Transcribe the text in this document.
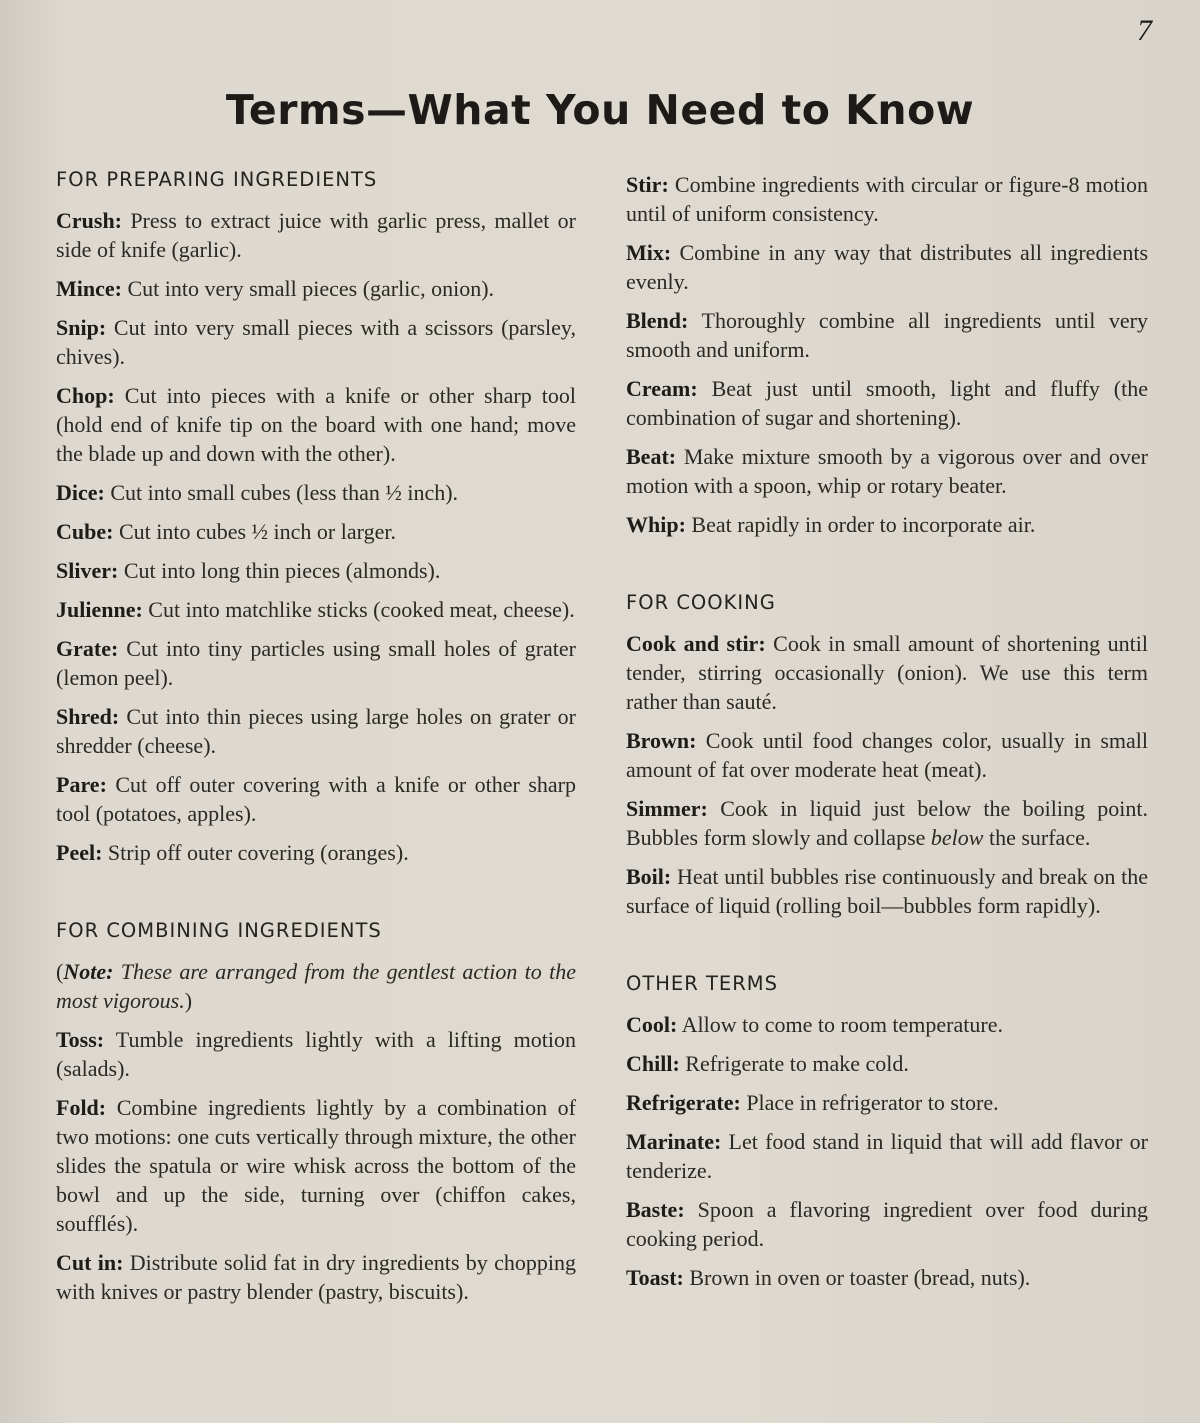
7
Terms—What You Need to Know
FOR PREPARING INGREDIENTS

Crush: Press to extract juice with garlic press, mallet or side of knife (garlic).

Mince: Cut into very small pieces (garlic, onion).

Snip: Cut into very small pieces with a scissors (parsley, chives).

Chop: Cut into pieces with a knife or other sharp tool (hold end of knife tip on the board with one hand; move the blade up and down with the other).

Dice: Cut into small cubes (less than ½ inch).

Cube: Cut into cubes ½ inch or larger.

Sliver: Cut into long thin pieces (almonds).

Julienne: Cut into matchlike sticks (cooked meat, cheese).

Grate: Cut into tiny particles using small holes of grater (lemon peel).

Shred: Cut into thin pieces using large holes on grater or shredder (cheese).

Pare: Cut off outer covering with a knife or other sharp tool (potatoes, apples).

Peel: Strip off outer covering (oranges).

FOR COMBINING INGREDIENTS

(Note: These are arranged from the gentlest action to the most vigorous.)

Toss: Tumble ingredients lightly with a lifting motion (salads).

Fold: Combine ingredients lightly by a combination of two motions: one cuts vertically through mixture, the other slides the spatula or wire whisk across the bottom of the bowl and up the side, turning over (chiffon cakes, soufflés).

Cut in: Distribute solid fat in dry ingredients by chopping with knives or pastry blender (pastry, biscuits).

Stir: Combine ingredients with circular or figure-8 motion until of uniform consistency.

Mix: Combine in any way that distributes all ingredients evenly.

Blend: Thoroughly combine all ingredients until very smooth and uniform.

Cream: Beat just until smooth, light and fluffy (the combination of sugar and shortening).

Beat: Make mixture smooth by a vigorous over and over motion with a spoon, whip or rotary beater.

Whip: Beat rapidly in order to incorporate air.

FOR COOKING

Cook and stir: Cook in small amount of shortening until tender, stirring occasionally (onion). We use this term rather than sauté.

Brown: Cook until food changes color, usually in small amount of fat over moderate heat (meat).

Simmer: Cook in liquid just below the boiling point. Bubbles form slowly and collapse below the surface.

Boil: Heat until bubbles rise continuously and break on the surface of liquid (rolling boil—bubbles form rapidly).

OTHER TERMS

Cool: Allow to come to room temperature.

Chill: Refrigerate to make cold.

Refrigerate: Place in refrigerator to store.

Marinate: Let food stand in liquid that will add flavor or tenderize.

Baste: Spoon a flavoring ingredient over food during cooking period.

Toast: Brown in oven or toaster (bread, nuts).
